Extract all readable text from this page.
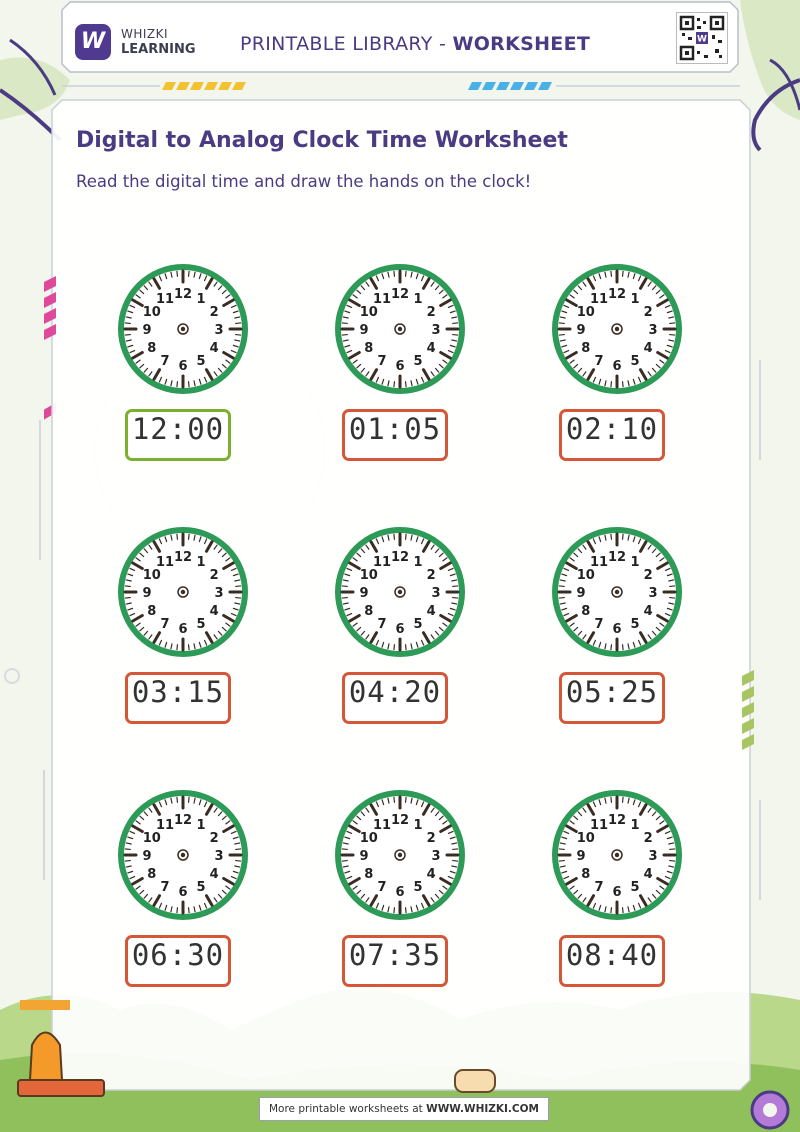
W	WHIZKI
LEARNING PRINTABLE LIBRARY - WORKSHEET	W
Digital to Analog Clock Time Worksheet
Read the digital time and draw the hands on the clock!
12 1
2
3
4
5
6
7
8
9
10
11
12:00
12 1
2
3
4
5
6
7
8
9
10
11
01:05
12 1
2
3
4
5
6
7
8
9
10
11
02:10
12 1
2
3
4
5
6
7
8
9
10
11
03:15
12 1
2
3
4
5
6
7
8
9
10
11
04:20
12 1
2
3
4
5
6
7
8
9
10
11
05:25
12 1
2
3
4
5
6
7
8
9
10
11
06:30
12 1
2
3
4
5
6
7
8
9
10
11
07:35
12 1
2
3
4
5
6
7
8
9
10
11
08:40
More printable worksheets at WWW.WHIZKI.COM
